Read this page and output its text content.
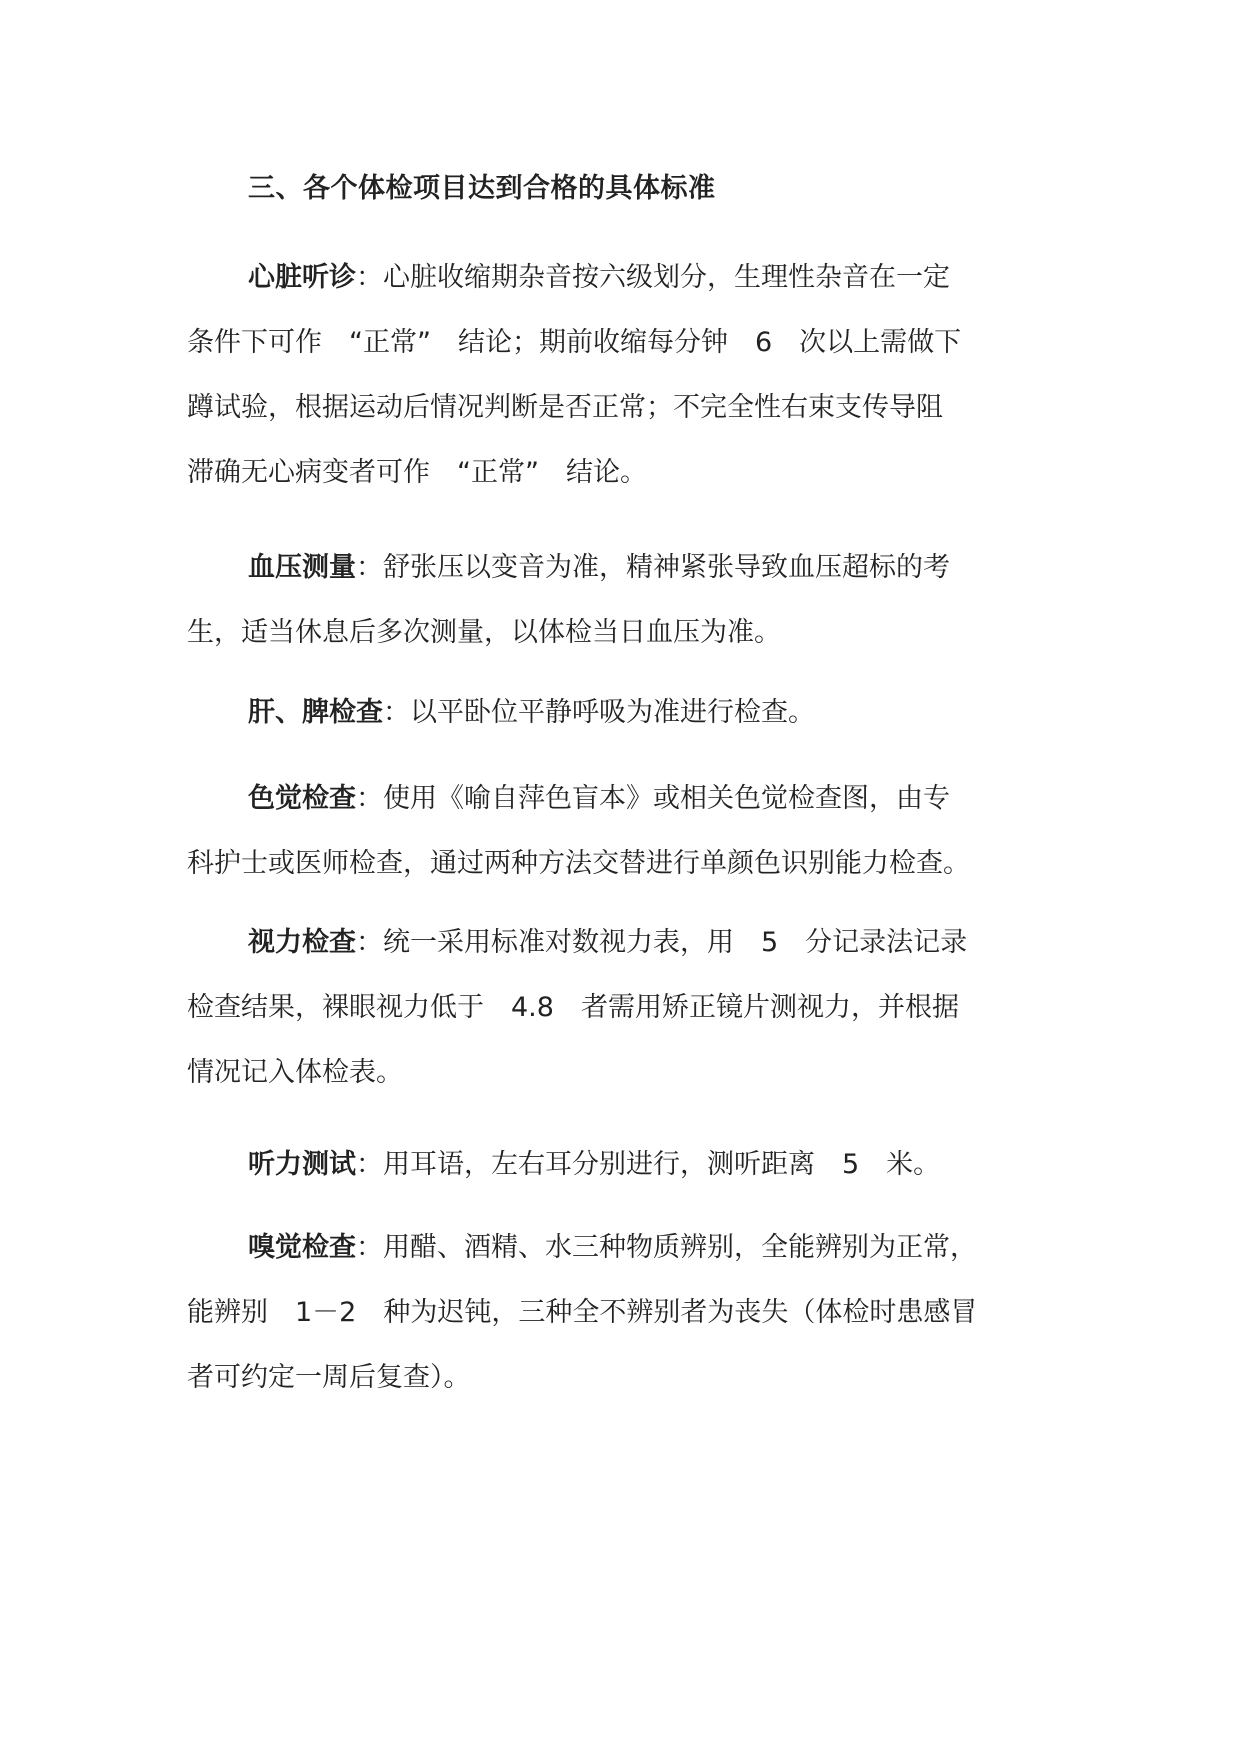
三、各个体检项目达到合格的具体标准

心脏听诊：心脏收缩期杂音按六级划分，生理性杂音在一定
条件下可作　“正常”　结论；期前收缩每分钟　6　次以上需做下
蹲试验，根据运动后情况判断是否正常；不完全性右束支传导阻
滞确无心病变者可作　“正常”　结论。

血压测量：舒张压以变音为准，精神紧张导致血压超标的考
生，适当休息后多次测量，以体检当日血压为准。

肝、脾检查：以平卧位平静呼吸为准进行检查。

色觉检查：使用《喻自萍色盲本》或相关色觉检查图，由专
科护士或医师检查，通过两种方法交替进行单颜色识别能力检查。

视力检查：统一采用标准对数视力表，用　5　分记录法记录
检查结果，裸眼视力低于　4.8　者需用矫正镜片测视力，并根据
情况记入体检表。

听力测试：用耳语，左右耳分别进行，测听距离　5　米。

嗅觉检查：用醋、酒精、水三种物质辨别，全能辨别为正常，
能辨别　1－2　种为迟钝，三种全不辨别者为丧失（体检时患感冒
者可约定一周后复查）。
